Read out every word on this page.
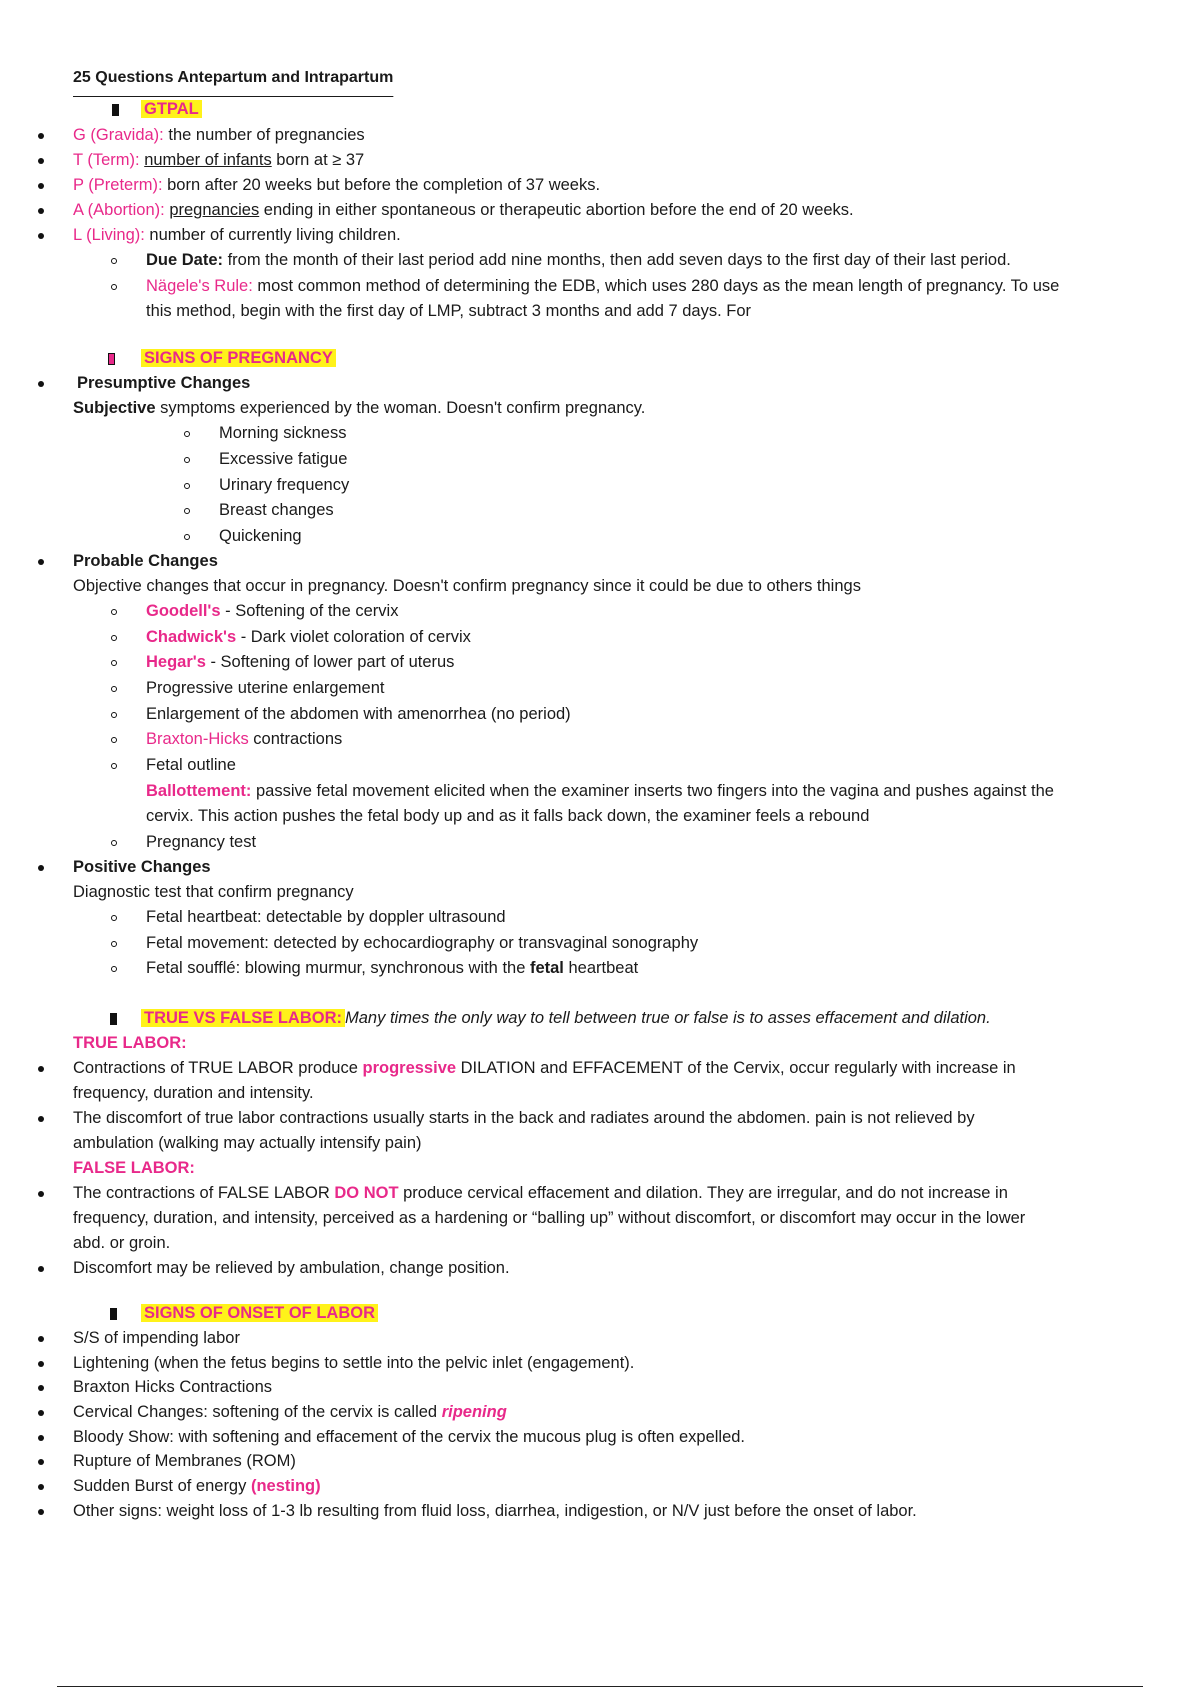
25 Questions Antepartum and Intrapartum
GTPAL
G (Gravida): the number of pregnancies
T (Term): number of infants born at ≥ 37
P (Preterm): born after 20 weeks but before the completion of 37 weeks.
A (Abortion): pregnancies ending in either spontaneous or therapeutic abortion before the end of 20 weeks.
L (Living): number of currently living children.
Due Date: from the month of their last period add nine months, then add seven days to the first day of their last period.
Nägele's Rule: most common method of determining the EDB, which uses 280 days as the mean length of pregnancy. To use
this method, begin with the first day of LMP, subtract 3 months and add 7 days. For
SIGNS OF PREGNANCY
Presumptive Changes
Subjective symptoms experienced by the woman. Doesn't confirm pregnancy.
Morning sickness
Excessive fatigue
Urinary frequency
Breast changes
Quickening
Probable Changes
Objective changes that occur in pregnancy. Doesn't confirm pregnancy since it could be due to others things
Goodell's - Softening of the cervix
Chadwick's - Dark violet coloration of cervix
Hegar's - Softening of lower part of uterus
Progressive uterine enlargement
Enlargement of the abdomen with amenorrhea (no period)
Braxton-Hicks contractions
Fetal outline
Ballottement: passive fetal movement elicited when the examiner inserts two fingers into the vagina and pushes against the
cervix. This action pushes the fetal body up and as it falls back down, the examiner feels a rebound
Pregnancy test
Positive Changes
Diagnostic test that confirm pregnancy
Fetal heartbeat: detectable by doppler ultrasound
Fetal movement: detected by echocardiography or transvaginal sonography
Fetal soufflé: blowing murmur, synchronous with the fetal heartbeat
TRUE VS FALSE LABOR: Many times the only way to tell between true or false is to asses effacement and dilation.
TRUE LABOR:
Contractions of TRUE LABOR produce progressive DILATION and EFFACEMENT of the Cervix, occur regularly with increase in
frequency, duration and intensity.
The discomfort of true labor contractions usually starts in the back and radiates around the abdomen. pain is not relieved by
ambulation (walking may actually intensify pain)
FALSE LABOR:
The contractions of FALSE LABOR DO NOT produce cervical effacement and dilation. They are irregular, and do not increase in
frequency, duration, and intensity, perceived as a hardening or “balling up” without discomfort, or discomfort may occur in the lower
abd. or groin.
Discomfort may be relieved by ambulation, change position.
SIGNS OF ONSET OF LABOR
S/S of impending labor
Lightening (when the fetus begins to settle into the pelvic inlet (engagement).
Braxton Hicks Contractions
Cervical Changes: softening of the cervix is called ripening
Bloody Show: with softening and effacement of the cervix the mucous plug is often expelled.
Rupture of Membranes (ROM)
Sudden Burst of energy (nesting)
Other signs: weight loss of 1-3 lb resulting from fluid loss, diarrhea, indigestion, or N/V just before the onset of labor.
